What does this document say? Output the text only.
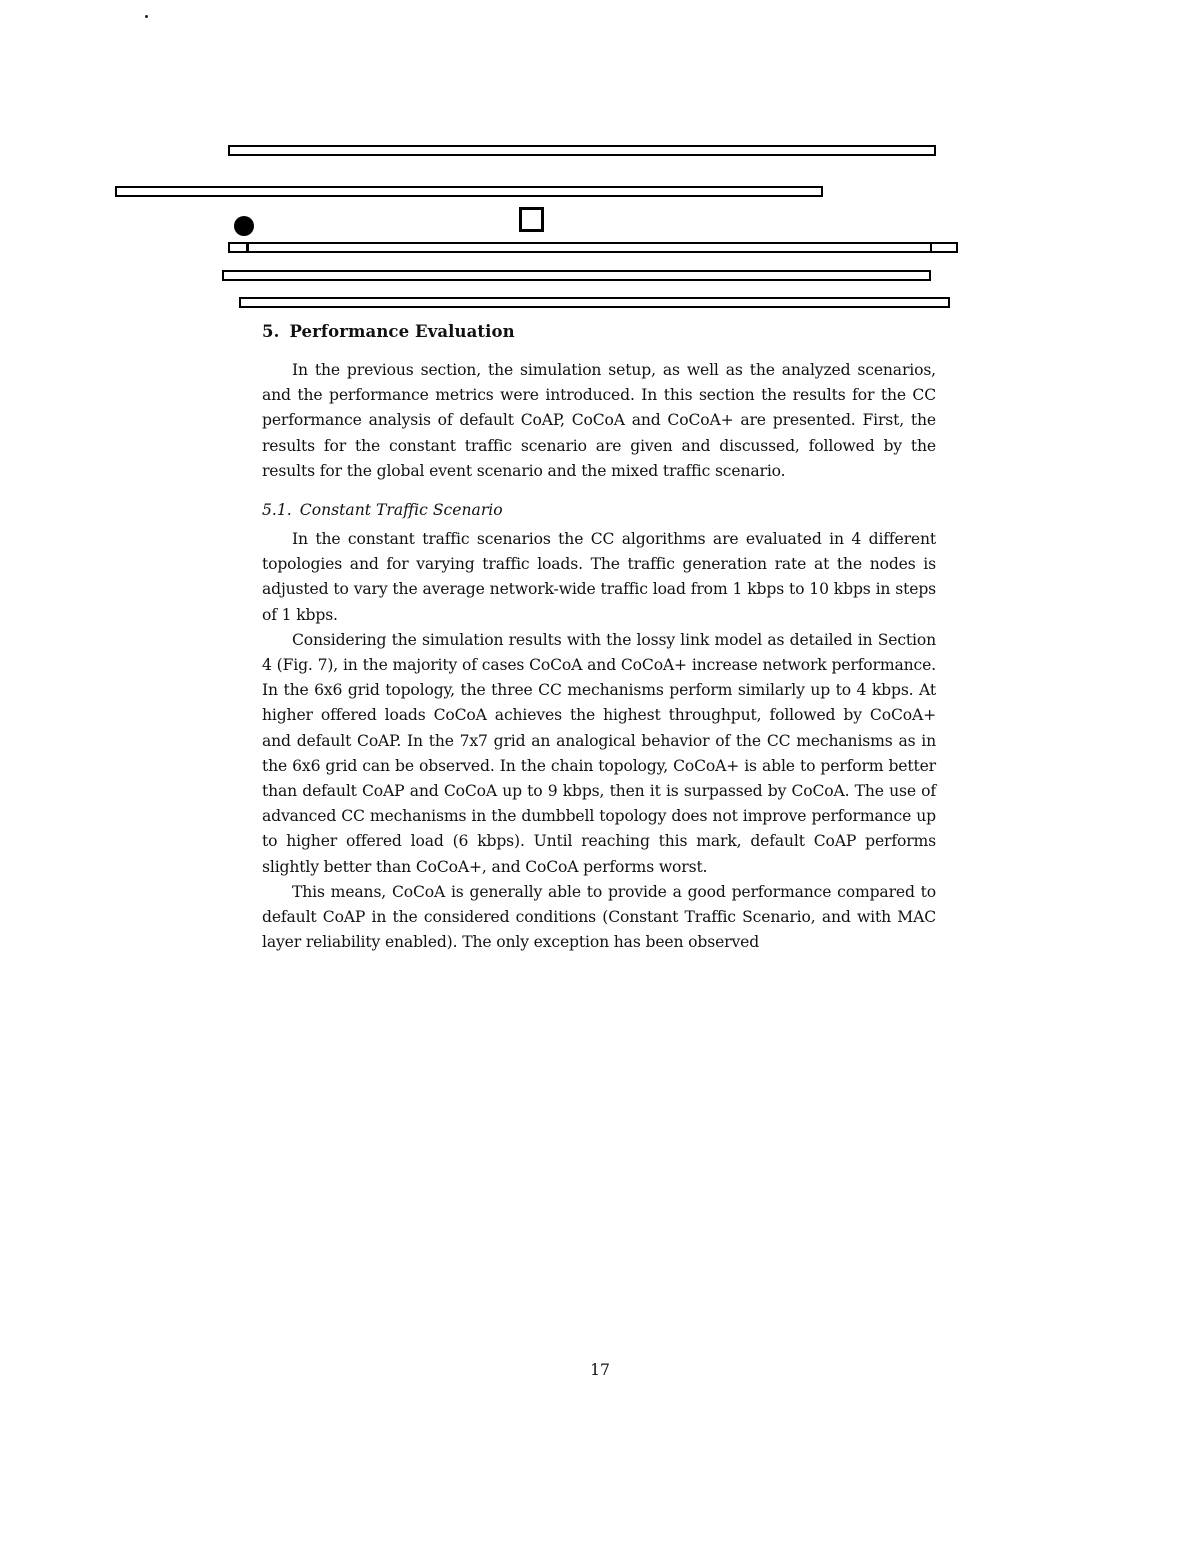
5. Performance Evaluation

In the previous section, the simulation setup, as well as the analyzed scenarios, and the performance metrics were introduced. In this section the results for the CC performance analysis of default CoAP, CoCoA and CoCoA+ are presented. First, the results for the constant traffic scenario are given and discussed, followed by the results for the global event scenario and the mixed traffic scenario.

5.1. Constant Traffic Scenario

In the constant traffic scenarios the CC algorithms are evaluated in 4 different topologies and for varying traffic loads. The traffic generation rate at the nodes is adjusted to vary the average network-wide traffic load from 1 kbps to 10 kbps in steps of 1 kbps.

Considering the simulation results with the lossy link model as detailed in Section 4 (Fig. 7), in the majority of cases CoCoA and CoCoA+ increase network performance. In the 6x6 grid topology, the three CC mechanisms perform similarly up to 4 kbps. At higher offered loads CoCoA achieves the highest throughput, followed by CoCoA+ and default CoAP. In the 7x7 grid an analogical behavior of the CC mechanisms as in the 6x6 grid can be observed. In the chain topology, CoCoA+ is able to perform better than default CoAP and CoCoA up to 9 kbps, then it is surpassed by CoCoA. The use of advanced CC mechanisms in the dumbbell topology does not improve performance up to higher offered load (6 kbps). Until reaching this mark, default CoAP performs slightly better than CoCoA+, and CoCoA performs worst.

This means, CoCoA is generally able to provide a good performance compared to default CoAP in the considered conditions (Constant Traffic Scenario, and with MAC layer reliability enabled). The only exception has been observed

17
